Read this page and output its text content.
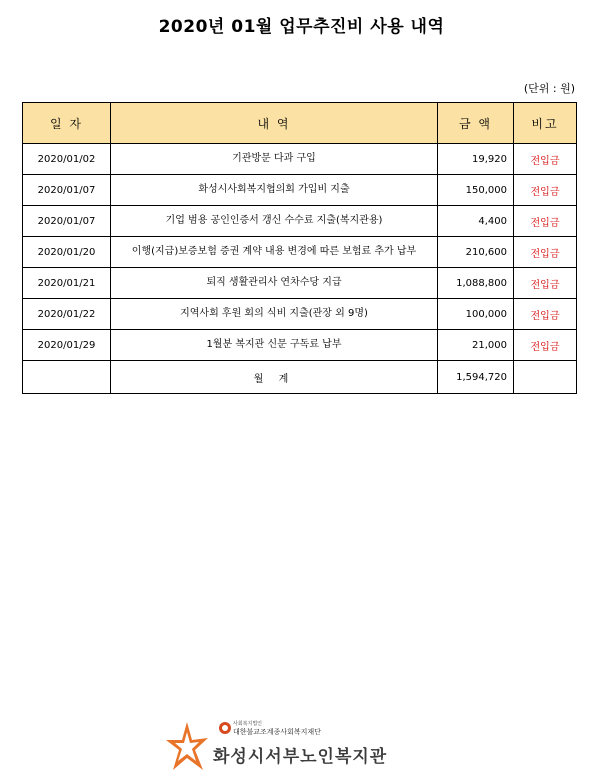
2020년 01월 업무추진비 사용 내역
(단위 : 원)
일 자	내 역	금 액	비고
2020/01/02	기관방문 다과 구입	19,920	전입금
2020/01/07	화성시사회복지협의회 가입비 지출	150,000	전입금
2020/01/07	기업 범용 공인인증서 갱신 수수료 지출(복지관용)	4,400	전입금
2020/01/20	이행(지급)보증보험 증권 계약 내용 변경에 따른 보험료 추가 납부	210,600	전입금
2020/01/21	퇴직 생활관리사 연차수당 지급	1,088,800	전입금
2020/01/22	지역사회 후원 회의 식비 지출(관장 외 9명)	100,000	전입금
2020/01/29	1월분 복지관 신문 구독료 납부	21,000	전입금
	월 계	1,594,720	
사회복지법인
대한불교조계종사회복지재단
화성시서부노인복지관
